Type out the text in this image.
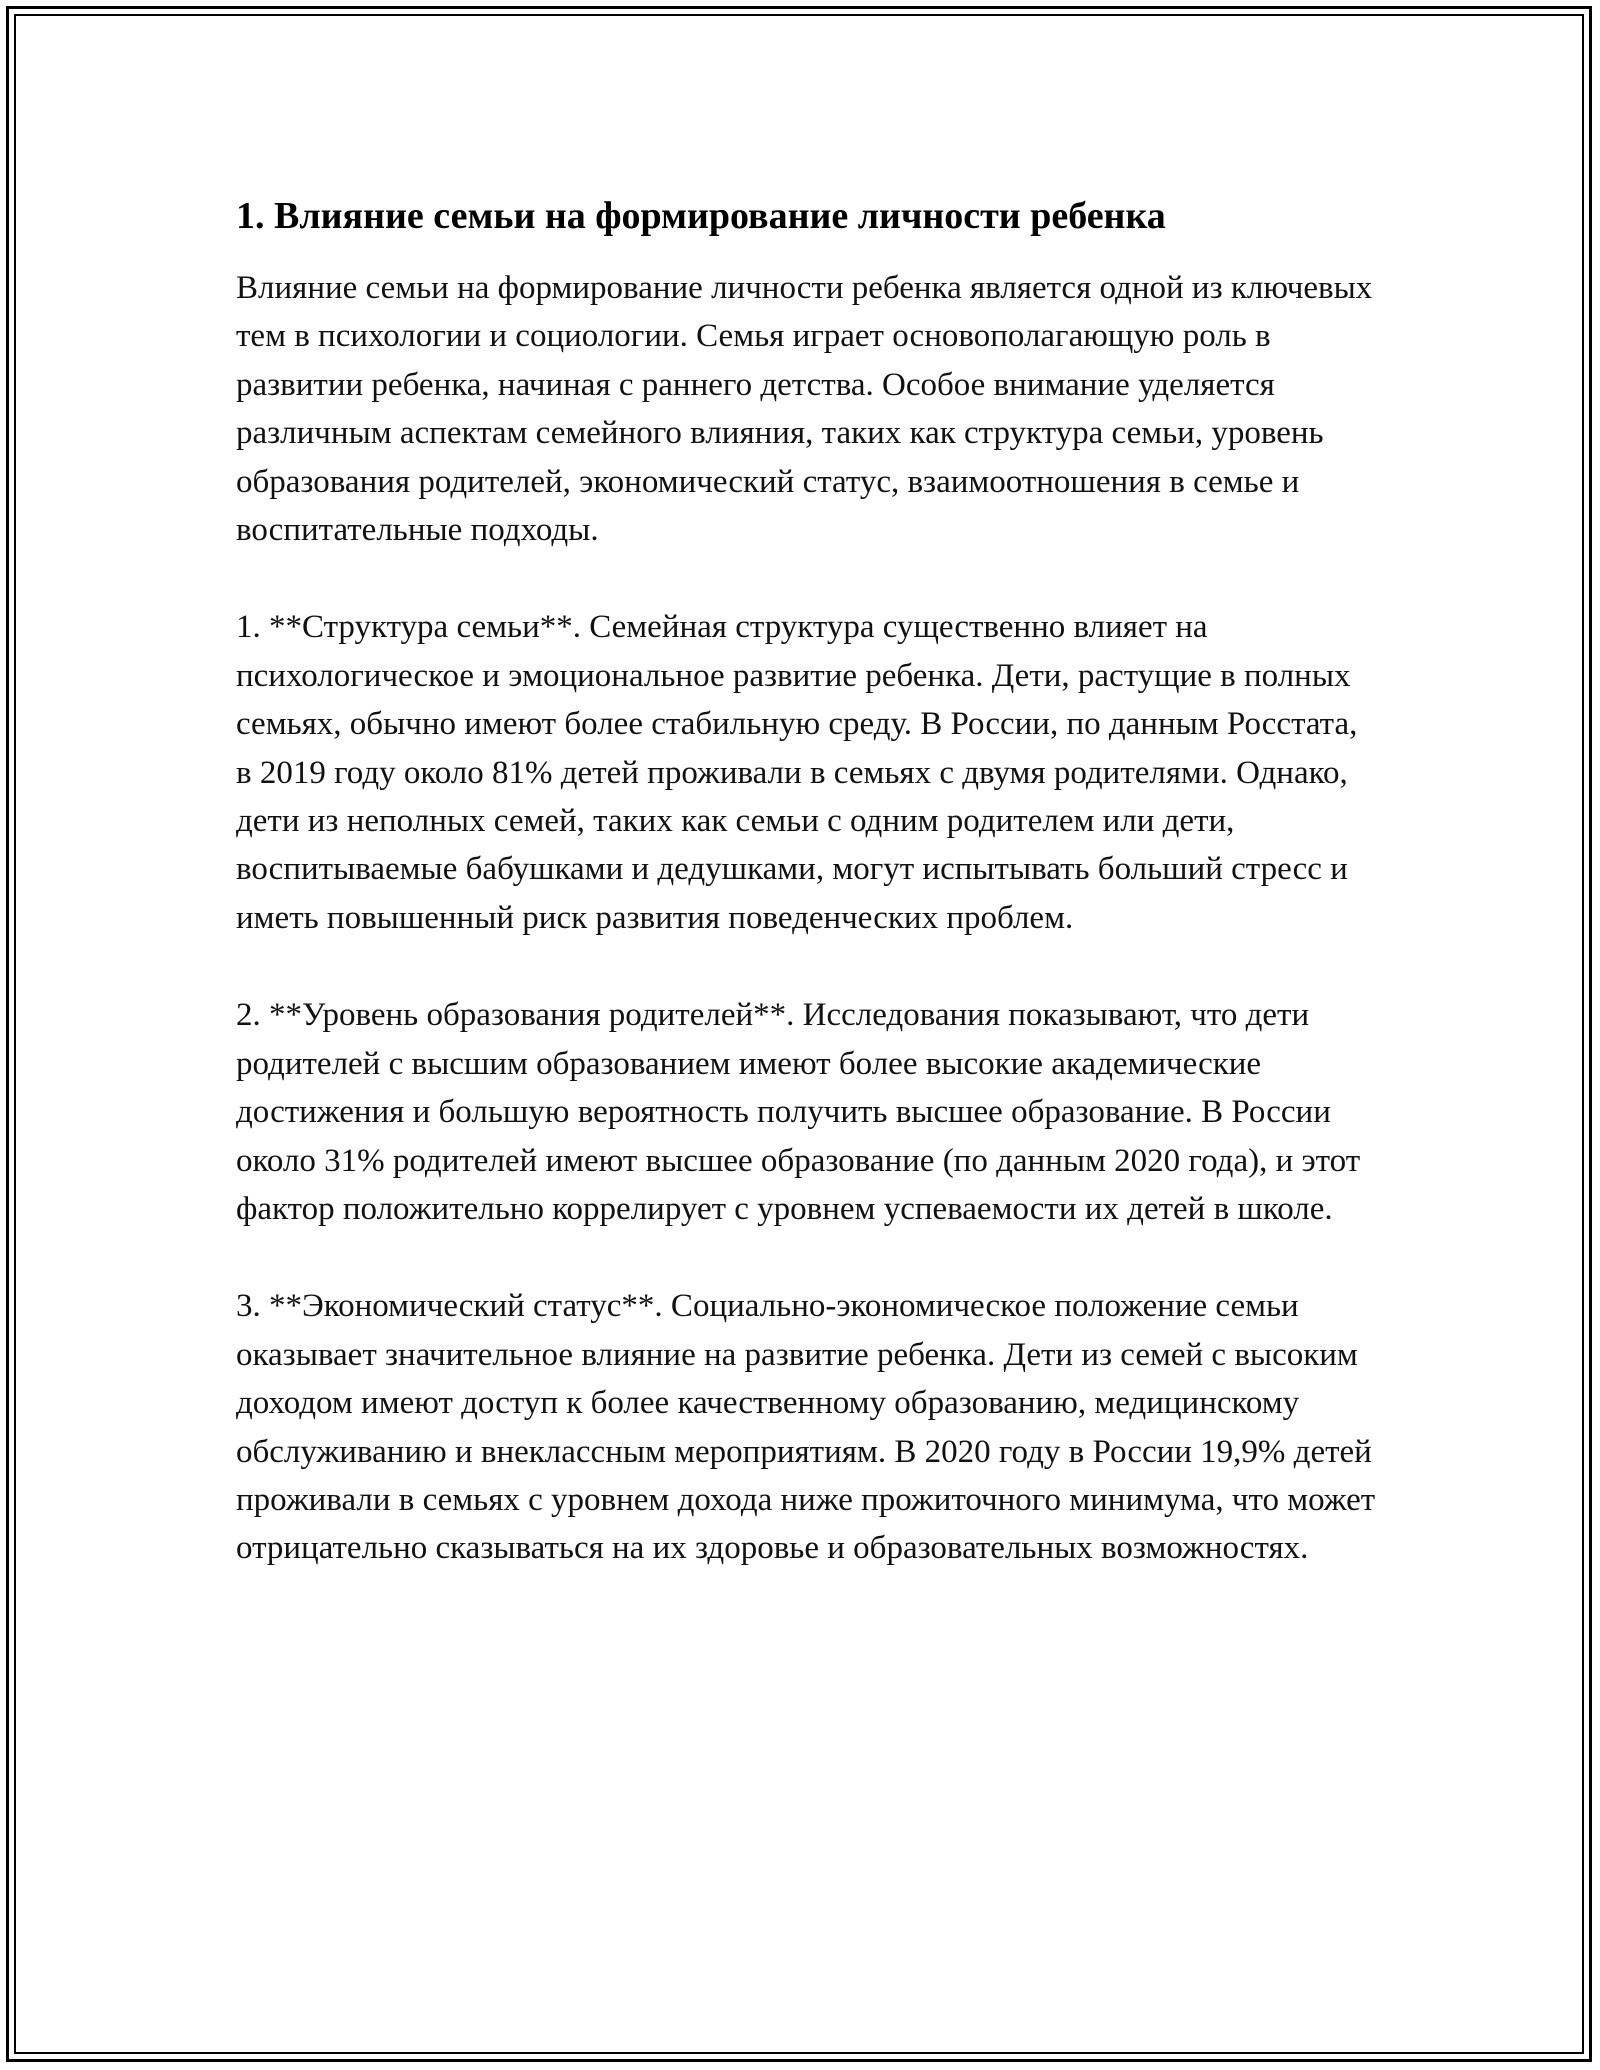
1. Влияние семьи на формирование личности ребенка

Влияние семьи на формирование личности ребенка является одной из ключевых тем в психологии и социологии. Семья играет основополагающую роль в развитии ребенка, начиная с раннего детства. Особое внимание уделяется различным аспектам семейного влияния, таких как структура семьи, уровень образования родителей, экономический статус, взаимоотношения в семье и воспитательные подходы.

1. **Структура семьи**. Семейная структура существенно влияет на психологическое и эмоциональное развитие ребенка. Дети, растущие в полных семьях, обычно имеют более стабильную среду. В России, по данным Росстата, в 2019 году около 81% детей проживали в семьях с двумя родителями. Однако, дети из неполных семей, таких как семьи с одним родителем или дети, воспитываемые бабушками и дедушками, могут испытывать больший стресс и иметь повышенный риск развития поведенческих проблем.

2. **Уровень образования родителей**. Исследования показывают, что дети родителей с высшим образованием имеют более высокие академические достижения и большую вероятность получить высшее образование. В России около 31% родителей имеют высшее образование (по данным 2020 года), и этот фактор положительно коррелирует с уровнем успеваемости их детей в школе.

3. **Экономический статус**. Социально-экономическое положение семьи оказывает значительное влияние на развитие ребенка. Дети из семей с высоким доходом имеют доступ к более качественному образованию, медицинскому обслуживанию и внеклассным мероприятиям. В 2020 году в России 19,9% детей проживали в семьях с уровнем дохода ниже прожиточного минимума, что может отрицательно сказываться на их здоровье и образовательных возможностях.
